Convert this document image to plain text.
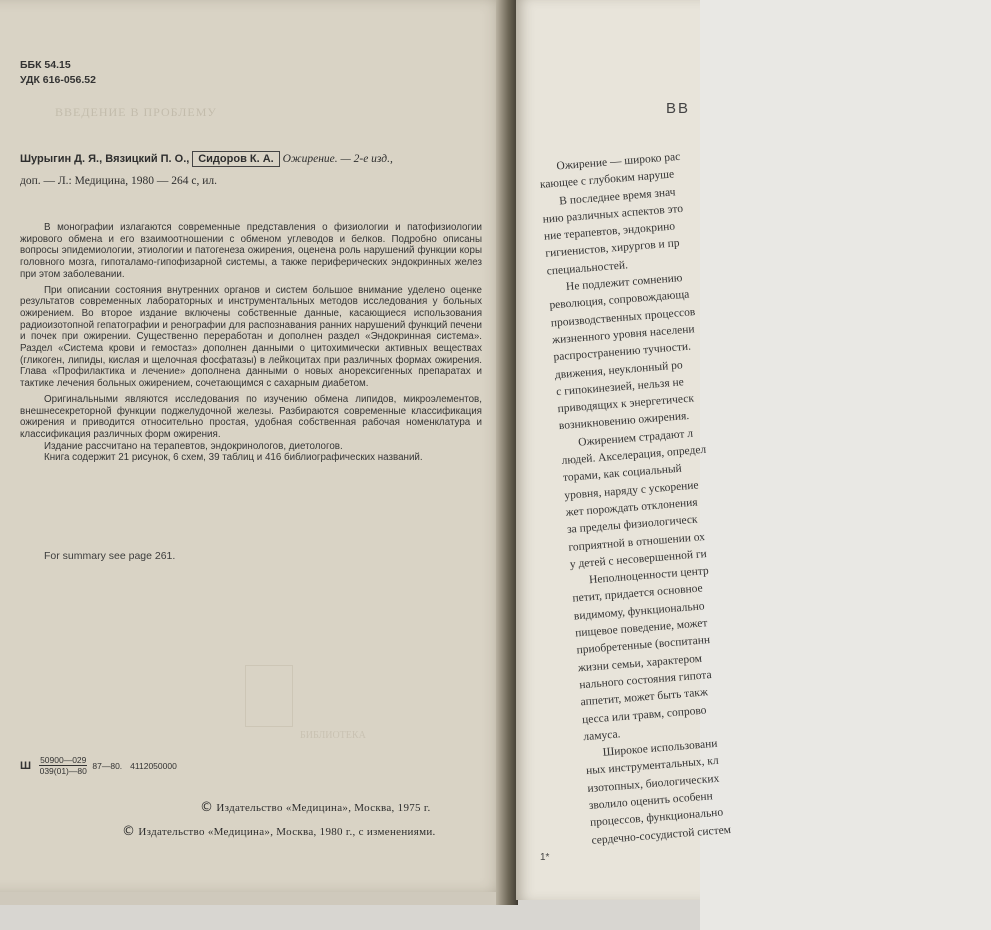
ББК 54.15
УДК 616-056.52
ВВЕДЕНИЕ В ПРОБЛЕМУ
Шурыгин Д. Я., Вязицкий П. О., Сидоров К. А. Ожирение. — 2-е изд.,
доп. — Л.: Медицина, 1980 — 264 с, ил.

В монографии излагаются современные представления о физиологии и патофизиологии жирового обмена и его взаимоотношении с обменом углеводов и белков. Подробно описаны вопросы эпидемиологии, этиологии и патогенеза ожирения, оценена роль нарушений функции коры головного мозга, гипоталамо-гипофизарной системы, а также периферических эндокринных желез при этом заболевании.

При описании состояния внутренних органов и систем большое внимание уделено оценке результатов современных лабораторных и инструментальных методов исследования у больных ожирением. Во второе издание включены собственные данные, касающиеся использования радиоизотопной гепатографии и ренографии для распознавания ранних нарушений функций печени и почек при ожирении. Существенно переработан и дополнен раздел «Эндокринная система». Раздел «Система крови и гемостаз» дополнен данными о цитохимически активных веществах (гликоген, липиды, кислая и щелочная фосфатазы) в лейкоцитах при различных формах ожирения. Глава «Профилактика и лечение» дополнена данными о новых анорексигенных препаратах и тактике лечения больных ожирением, сочетающимся с сахарным диабетом.

Оригинальными являются исследования по изучению обмена липидов, микроэлементов, внешнесекреторной функции поджелудочной железы. Разбираются современные классификация ожирения и приводится относительно простая, удобная собственная рабочая номенклатура и классификация различных форм ожирения.

Издание рассчитано на терапевтов, эндокринологов, диетологов.

Книга содержит 21 рисунок, 6 схем, 39 таблиц и 416 библиографических названий.

For summary see page 261.
БИБЛИОТЕКА
Ш $\frac{50900—029}{039(01)—80}$ 87—80. 4112050000
© Издательство «Медицина», Москва, 1975 г.
© Издательство «Медицина», Москва, 1980 г., с изменениями.
ВВ
Ожирение — широко рас
кающее с глубоким наруше
В последнее время знач
нию различных аспектов это
ние терапевтов, эндокрино
гигиенистов, хирургов и пр
специальностей.
Не подлежит сомнению
революция, сопровождающа
производственных процессов
жизненного уровня населени
распространению тучности.
движения, неуклонный ро
с гипокинезией, нельзя не
приводящих к энергетическ
возникновению ожирения.
Ожирением страдают л
людей. Акселерация, определ
торами, как социальный
уровня, наряду с ускорение
жет порождать отклонения
за пределы физиологическ
гоприятной в отношении ох
у детей с несовершенной ги
Неполноценности центр
петит, придается основное
видимому, функционально
пищевое поведение, может
приобретенные (воспитанн
жизни семьи, характером
нального состояния гипота
аппетит, может быть такж
цесса или травм, сопрово
ламуса.
Широкое использовани
ных инструментальных, кл
изотопных, биологических
зволило оценить особенн
процессов, функционально
сердечно-сосудистой систем
1*
